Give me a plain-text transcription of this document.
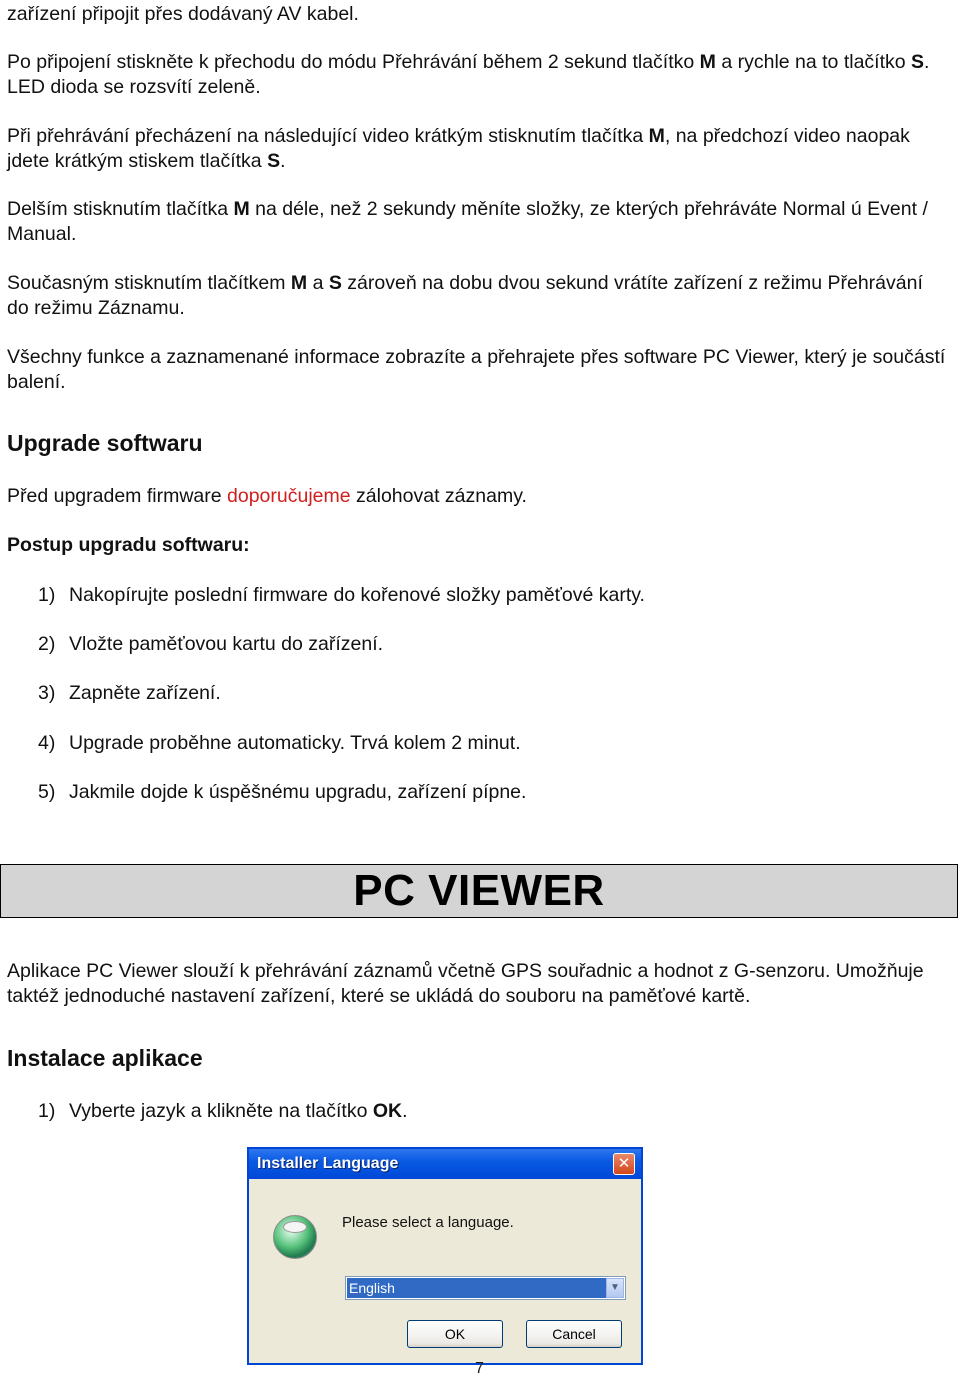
zařízení připojit přes dodávaný AV kabel.

Po připojení stiskněte k přechodu do módu Přehrávání během 2 sekund tlačítko M a rychle na to tlačítko S. LED dioda se rozsvítí zeleně.

Při přehrávání přecházení na následující video krátkým stisknutím tlačítka M, na předchozí video naopak jdete krátkým stiskem tlačítka S.

Delším stisknutím tlačítka M na déle, než 2 sekundy měníte složky, ze kterých přehráváte Normal ú Event / Manual.

Současným stisknutím tlačítkem M a S zároveň na dobu dvou sekund vrátíte zařízení z režimu Přehrávání do režimu Záznamu.

Všechny funkce a zaznamenané informace zobrazíte a přehrajete přes software PC Viewer, který je součástí balení.

Upgrade softwaru

Před upgradem firmware doporučujeme zálohovat záznamy.

Postup upgradu softwaru:

1) Nakopírujte poslední firmware do kořenové složky paměťové karty.

2) Vložte paměťovou kartu do zařízení.

3) Zapněte zařízení.

4) Upgrade proběhne automaticky. Trvá kolem 2 minut.

5) Jakmile dojde k úspěšnému upgradu, zařízení pípne.

PC VIEWER

Aplikace PC Viewer slouží k přehrávání záznamů včetně GPS souřadnic a hodnot z G-senzoru. Umožňuje taktéž jednoduché nastavení zařízení, které se ukládá do souboru na paměťové kartě.

Instalace aplikace

1) Vyberte jazyk a klikněte na tlačítko OK.

Installer Language	✕
Please select a language.
English	▼
OK	Cancel
7
